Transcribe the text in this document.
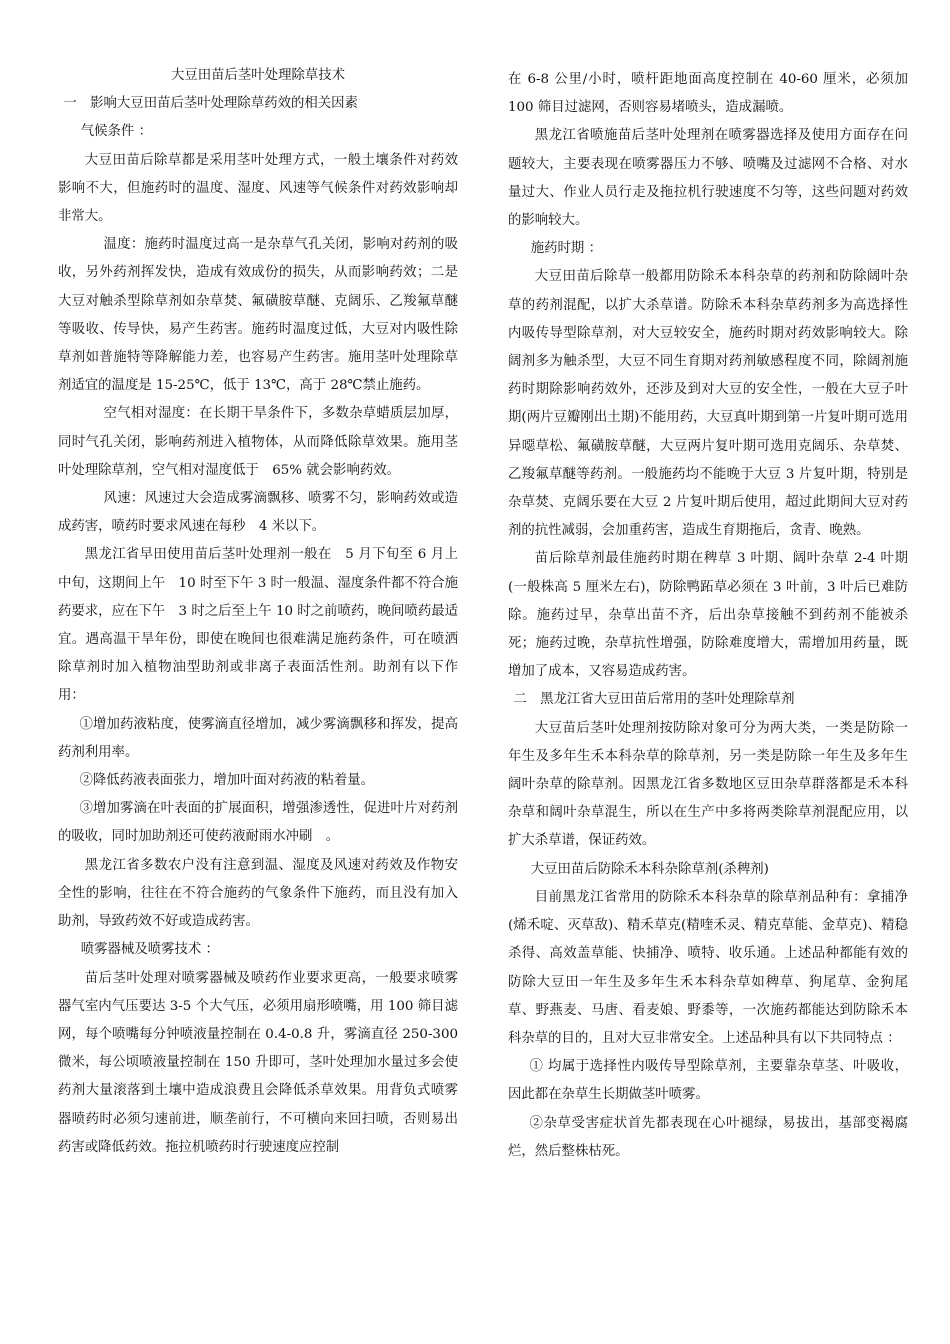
大豆田苗后茎叶处理除草技术

一　影响大豆田苗后茎叶处理除草药效的相关因素

气候条件 ：

大豆田苗后除草都是采用茎叶处理方式，一般土壤条件对药效影响不大，但施药时的温度、湿度、风速等气候条件对药效影响却非常大。

温度：施药时温度过高一是杂草气孔关闭，影响对药剂的吸收，另外药剂挥发快，造成有效成份的损失，从而影响药效；二是大豆对触杀型除草剂如杂草焚、氟磺胺草醚、克阔乐、乙羧氟草醚等吸收、传导快，易产生药害。施药时温度过低，大豆对内吸性除草剂如普施特等降解能力差，也容易产生药害。施用茎叶处理除草剂适宜的温度是 15-25℃，低于 13℃，高于 28℃禁止施药。

空气相对湿度：在长期干旱条件下，多数杂草蜡质层加厚，同时气孔关闭，影响药剂进入植物体，从而降低除草效果。施用茎叶处理除草剂，空气相对湿度低于　65% 就会影响药效。

风速：风速过大会造成雾滴飘移、喷雾不匀，影响药效或造成药害，喷药时要求风速在每秒　4 米以下。

黑龙江省早田使用苗后茎叶处理剂一般在　5 月下旬至 6 月上中旬，这期间上午　10 时至下午 3 时一般温、湿度条件都不符合施药要求，应在下午　3 时之后至上午 10 时之前喷药，晚间喷药最适宜。遇高温干旱年份，即使在晚间也很难满足施药条件，可在喷洒除草剂时加入植物油型助剂或非离子表面活性剂。助剂有以下作用：

①增加药液粘度，使雾滴直径增加，减少雾滴飘移和挥发，提高药剂利用率。

②降低药液表面张力，增加叶面对药液的粘着量。

③增加雾滴在叶表面的扩展面积，增强渗透性，促进叶片对药剂的吸收，同时加助剂还可使药液耐雨水冲刷　。

黑龙江省多数农户没有注意到温、湿度及风速对药效及作物安全性的影响，往往在不符合施药的气象条件下施药，而且没有加入助剂，导致药效不好或造成药害。

喷雾器械及喷雾技术 ：

苗后茎叶处理对喷雾器械及喷药作业要求更高，一般要求喷雾器气室内气压要达 3-5 个大气压，必须用扇形喷嘴，用 100 筛目滤网，每个喷嘴每分钟喷液量控制在 0.4-0.8 升，雾滴直径 250-300 微米，每公顷喷液量控制在 150 升即可，茎叶处理加水量过多会使药剂大量滚落到土壤中造成浪费且会降低杀草效果。用背负式喷雾器喷药时必须匀速前进，顺垄前行，不可横向来回扫喷，否则易出药害或降低药效。拖拉机喷药时行驶速度应控制

在 6-8 公里/小时，喷杆距地面高度控制在 40-60 厘米，必须加 100 筛目过滤网，否则容易堵喷头，造成漏喷。

黑龙江省喷施苗后茎叶处理剂在喷雾器选择及使用方面存在问题较大，主要表现在喷雾器压力不够、喷嘴及过滤网不合格、对水量过大、作业人员行走及拖拉机行驶速度不匀等，这些问题对药效的影响较大。

施药时期 ：

大豆田苗后除草一般都用防除禾本科杂草的药剂和防除阔叶杂草的药剂混配，以扩大杀草谱。防除禾本科杂草药剂多为高选择性内吸传导型除草剂，对大豆较安全，施药时期对药效影响较大。除阔剂多为触杀型，大豆不同生育期对药剂敏感程度不同，除阔剂施药时期除影响药效外，还涉及到对大豆的安全性，一般在大豆子叶期(两片豆瓣刚出土期)不能用药，大豆真叶期到第一片复叶期可选用异噁草松、氟磺胺草醚，大豆两片复叶期可选用克阔乐、杂草焚、乙羧氟草醚等药剂。一般施药均不能晚于大豆 3 片复叶期，特别是杂草焚、克阔乐要在大豆 2 片复叶期后使用，超过此期间大豆对药剂的抗性减弱，会加重药害，造成生育期拖后，贪青、晚熟。

苗后除草剂最佳施药时期在稗草 3 叶期、阔叶杂草 2-4 叶期(一般株高 5 厘米左右)，防除鸭跖草必须在 3 叶前，3 叶后已难防除。施药过早，杂草出苗不齐，后出杂草接触不到药剂不能被杀死；施药过晚，杂草抗性增强，防除难度增大，需增加用药量，既增加了成本，又容易造成药害。

二　黑龙江省大豆田苗后常用的茎叶处理除草剂

大豆苗后茎叶处理剂按防除对象可分为两大类，一类是防除一年生及多年生禾本科杂草的除草剂，另一类是防除一年生及多年生阔叶杂草的除草剂。因黑龙江省多数地区豆田杂草群落都是禾本科杂草和阔叶杂草混生，所以在生产中多将两类除草剂混配应用，以扩大杀草谱，保证药效。

大豆田苗后防除禾本科杂除草剂(杀稗剂)

目前黑龙江省常用的防除禾本科杂草的除草剂品种有：拿捕净(烯禾啶、灭草敌)、精禾草克(精喹禾灵、精克草能、金草克)、精稳杀得、高效盖草能、快捕净、喷特、收乐通。上述品种都能有效的防除大豆田一年生及多年生禾本科杂草如稗草、狗尾草、金狗尾草、野燕麦、马唐、看麦娘、野黍等，一次施药都能达到防除禾本科杂草的目的，且对大豆非常安全。上述品种具有以下共同特点 ：

① 均属于选择性内吸传导型除草剂，主要靠杂草茎、叶吸收，因此都在杂草生长期做茎叶喷雾。

②杂草受害症状首先都表现在心叶褪绿，易拔出，基部变褐腐烂，然后整株枯死。
